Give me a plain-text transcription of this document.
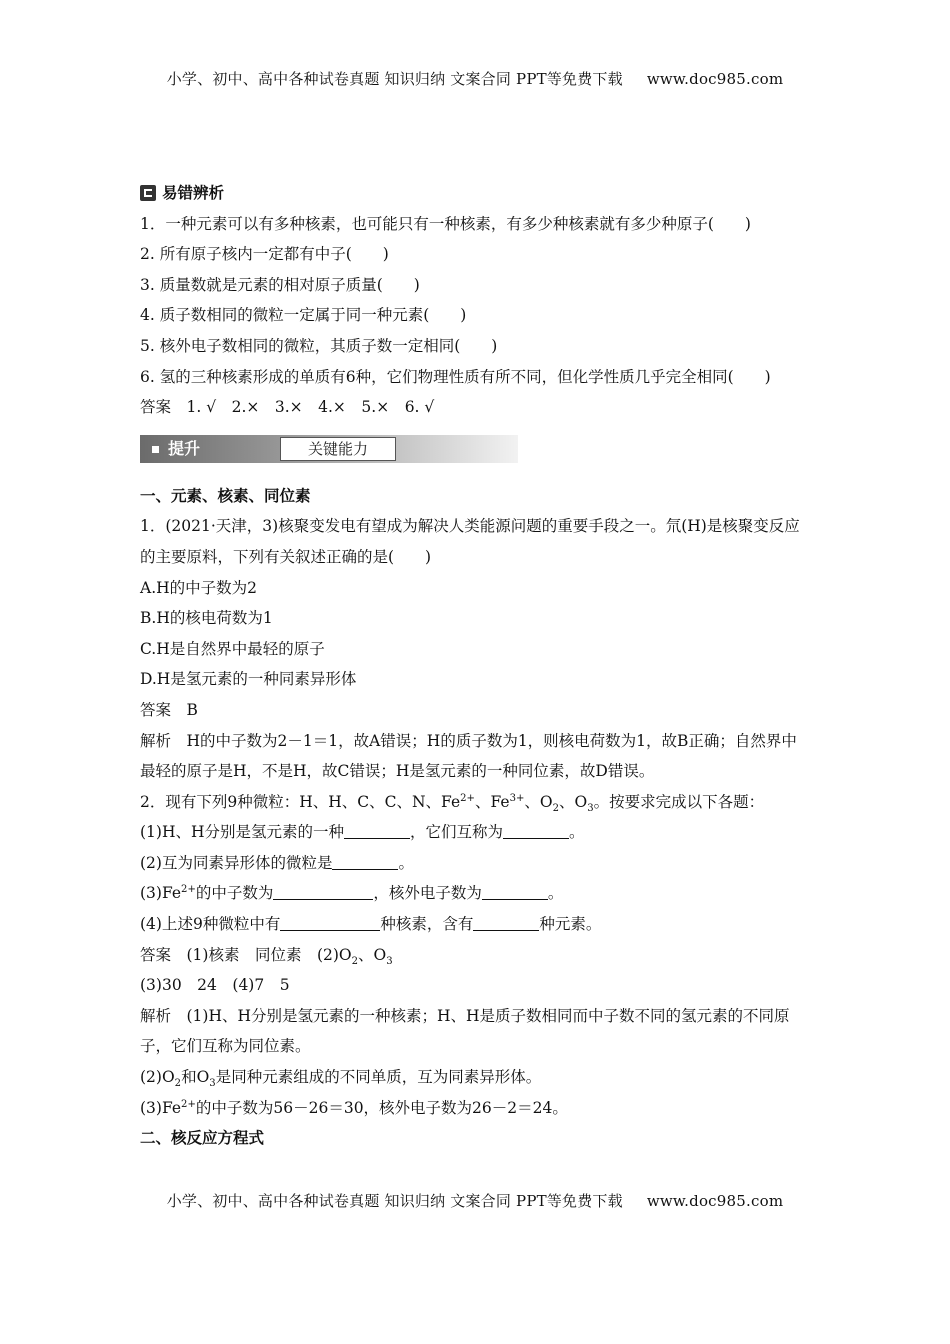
小学、初中、高中各种试卷真题 知识归纳 文案合同 PPT等免费下载 www.doc985.com
易错辨析
1．一种元素可以有多种核素，也可能只有一种核素，有多少种核素就有多少种原子(　　)
2. 所有原子核内一定都有中子(　　)
3. 质量数就是元素的相对原子质量(　　)
4. 质子数相同的微粒一定属于同一种元素(　　)
5. 核外电子数相同的微粒，其质子数一定相同(　　)
6. 氢的三种核素形成的单质有6种，它们物理性质有所不同，但化学性质几乎完全相同(　　)
答案　1. √　2.×　3.×　4.×　5.×　6. √
提升	关键能力
一、元素、核素、同位素
1．(2021·天津，3)核聚变发电有望成为解决人类能源问题的重要手段之一。氘(H)是核聚变反应的主要原料，下列有关叙述正确的是(　　)
A.H的中子数为2
B.H的核电荷数为1
C.H是自然界中最轻的原子
D.H是氢元素的一种同素异形体
答案　B
解析　H的中子数为2－1＝1，故A错误；H的质子数为1，则核电荷数为1，故B正确；自然界中最轻的原子是H，不是H，故C错误；H是氢元素的一种同位素，故D错误。
2．现有下列9种微粒：H、H、C、C、N、$Fe^{2+}$、$Fe^{3+}$、$O_2$、$O_3$。按要求完成以下各题：
(1)H、H分别是氢元素的一种	，它们互称为	。
(2)互为同素异形体的微粒是	。
$(3)Fe^{2+}$的中子数为	，核外电子数为	。
(4)上述9种微粒中有	种核素，含有	种元素。
答案　(1)核素　同位素　$(2)O_2$、$O_3$
(3)30　24　(4)7　5
解析　(1)H、H分别是氢元素的一种核素；H、H是质子数相同而中子数不同的氢元素的不同原子，它们互称为同位素。
$(2)O_2$和$O_3$是同种元素组成的不同单质，互为同素异形体。
$(3)Fe^{2+}$的中子数为56－26＝30，核外电子数为26－2＝24。
二、核反应方程式
小学、初中、高中各种试卷真题 知识归纳 文案合同 PPT等免费下载 www.doc985.com
